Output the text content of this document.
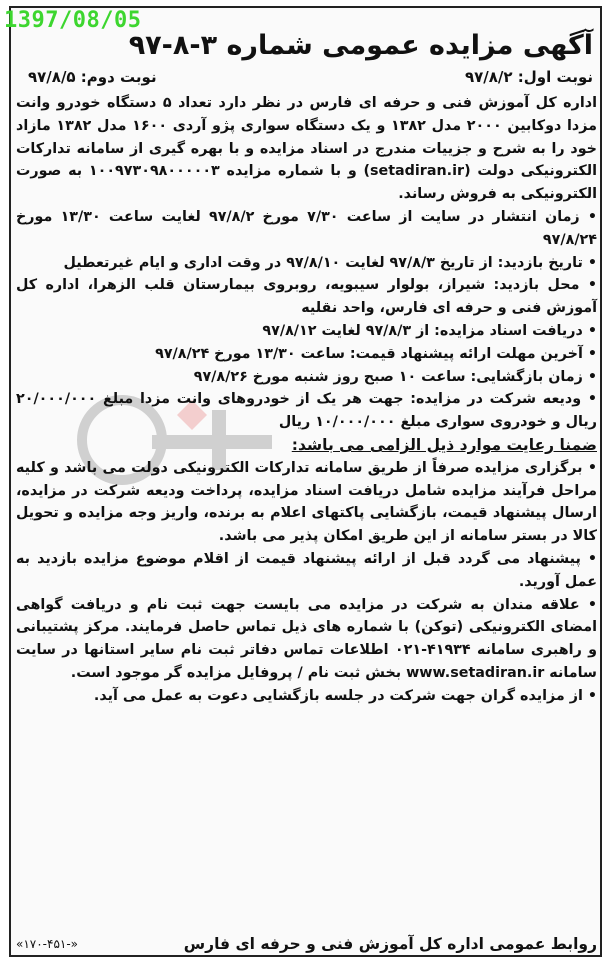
1397/08/05
آگهی مزایده عمومی شماره ۳-۸-۹۷
نوبت اول: ۹۷/۸/۲
نوبت دوم: ۹۷/۸/۵

اداره کل آموزش فنی و حرفه ای فارس در نظر دارد تعداد ۵ دستگاه خودرو وانت مزدا دوکابین ۲۰۰۰ مدل ۱۳۸۲ و یک دستگاه سواری پژو آردی ۱۶۰۰ مدل ۱۳۸۲ مازاد خود را به شرح و جزییات مندرج در اسناد مزایده و با بهره گیری از سامانه تدارکات الکترونیکی دولت (setadiran.ir) و با شماره مزایده ۱۰۰۹۷۳۰۹۸۰۰۰۰۰۳ به صورت الکترونیکی به فروش رساند.

• زمان انتشار در سایت از ساعت ۷/۳۰ مورخ ۹۷/۸/۲ لغایت ساعت ۱۳/۳۰ مورخ ۹۷/۸/۲۴

• تاریخ بازدید: از تاریخ ۹۷/۸/۳ لغایت ۹۷/۸/۱۰ در وقت اداری و ایام غیرتعطیل

• محل بازدید: شیراز، بولوار سیبویه، روبروی بیمارستان قلب الزهرا، اداره کل آموزش فنی و حرفه ای فارس، واحد نقلیه

• دریافت اسناد مزایده: از ۹۷/۸/۳ لغایت ۹۷/۸/۱۲

• آخرین مهلت ارائه پیشنهاد قیمت: ساعت ۱۳/۳۰ مورخ ۹۷/۸/۲۴

• زمان بازگشایی: ساعت ۱۰ صبح روز شنبه مورخ ۹۷/۸/۲۶

• ودیعه شرکت در مزایده: جهت هر یک از خودروهای وانت مزدا مبلغ ۲۰/۰۰۰/۰۰۰ ریال و خودروی سواری مبلغ ۱۰/۰۰۰/۰۰۰ ریال

ضمنا رعایت موارد ذیل الزامی می باشد:

• برگزاری مزایده صرفاً از طریق سامانه تدارکات الکترونیکی دولت می باشد و کلیه مراحل فرآیند مزایده شامل دریافت اسناد مزایده، پرداخت ودیعه شرکت در مزایده، ارسال پیشنهاد قیمت، بازگشایی پاکتهای اعلام به برنده، واریز وجه مزایده و تحویل کالا در بستر سامانه از این طریق امکان پذیر می باشد.

• پیشنهاد می گردد قبل از ارائه پیشنهاد قیمت از اقلام موضوع مزایده بازدید به عمل آورید.

• علاقه مندان به شرکت در مزایده می بایست جهت ثبت نام و دریافت گواهی امضای الکترونیکی (توکن) با شماره های ذیل تماس حاصل فرمایند. مرکز پشتیبانی و راهبری سامانه ۴۱۹۳۴-۰۲۱ اطلاعات تماس دفاتر ثبت نام سایر استانها در سایت سامانه www.setadiran.ir بخش ثبت نام / پروفایل مزایده گر موجود است.

• از مزایده گران جهت شرکت در جلسه بازگشایی دعوت به عمل می آید.

روابط عمومی اداره کل آموزش فنی و حرفه ای فارس
«۱۷۰-۴۵۱-»
